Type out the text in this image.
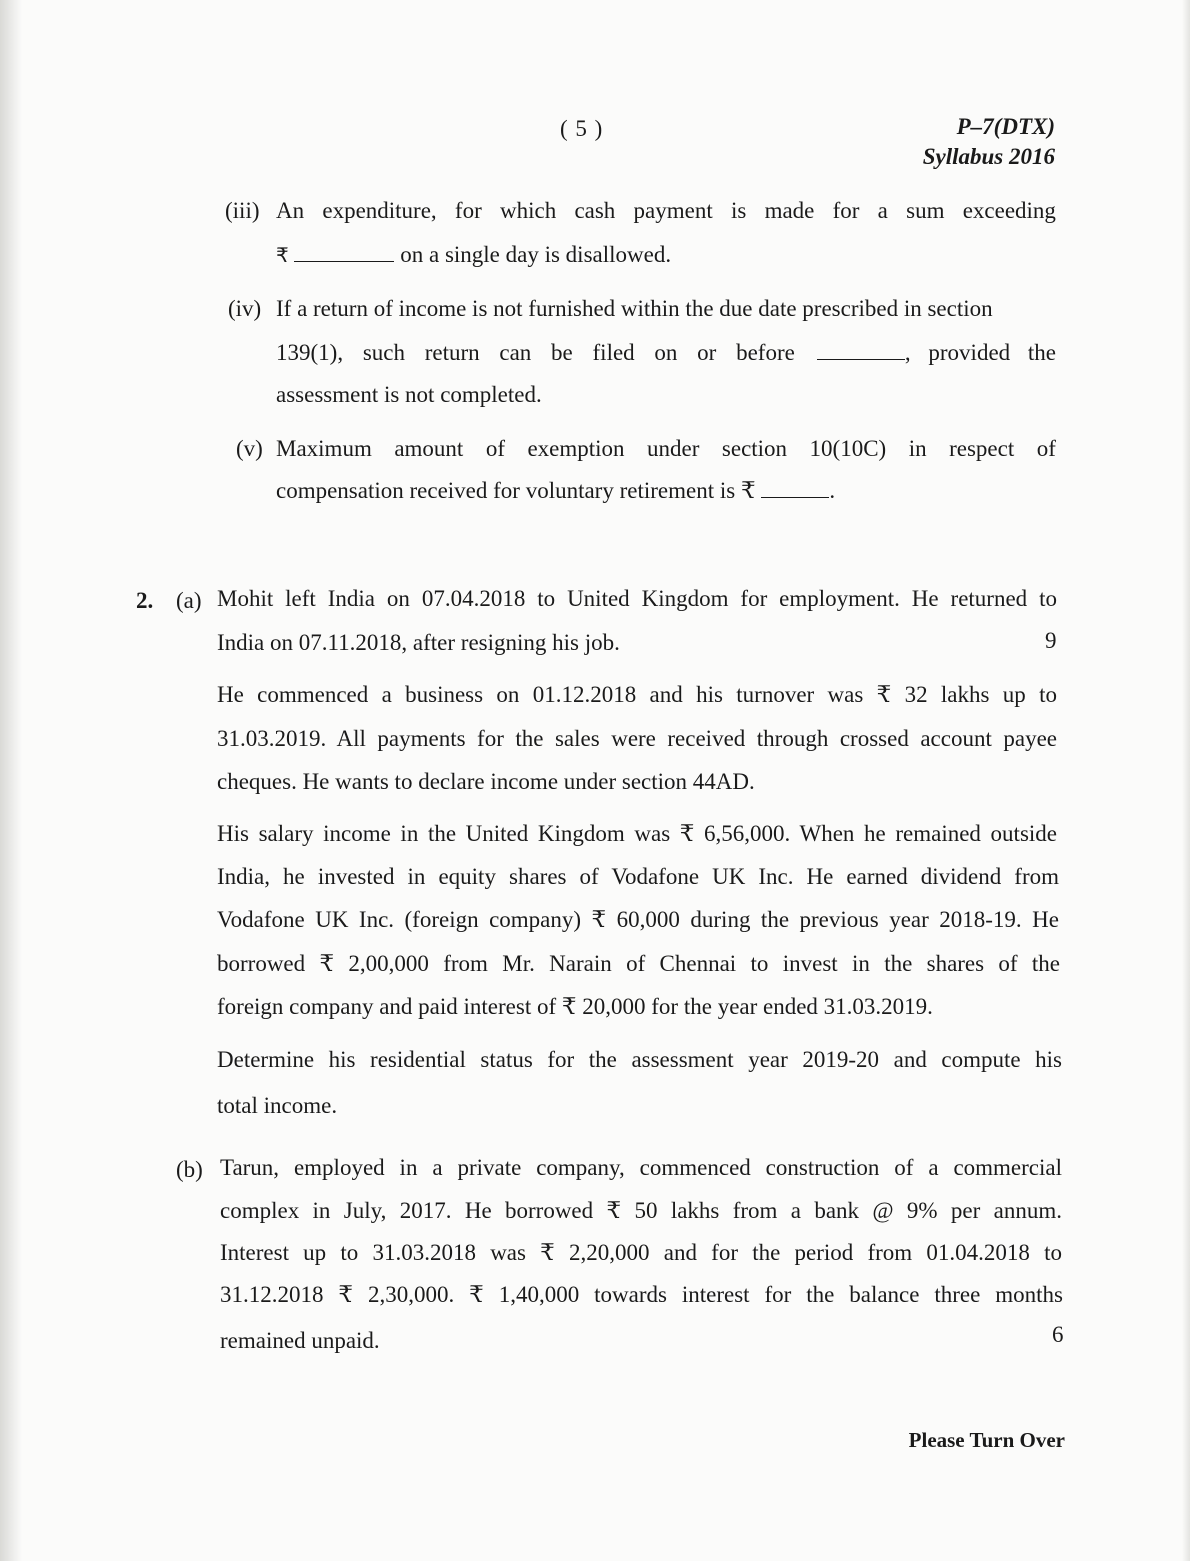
( 5 )	P–7(DTX)
Syllabus 2016
(iii) An expenditure, for which cash payment is made for a sum exceeding
₹	on a single day is disallowed.
(iv) If a return of income is not furnished within the due date prescribed in section
139(1), such return can be filed on or before	, provided the
assessment is not completed.
(v) Maximum amount of exemption under section 10(10C) in respect of
compensation received for voluntary retirement is ₹	.
2. (a) Mohit left India on 07.04.2018 to United Kingdom for employment. He returned to
India on 07.11.2018, after resigning his job.	9
He commenced a business on 01.12.2018 and his turnover was ₹ 32 lakhs up to
31.03.2019. All payments for the sales were received through crossed account payee
cheques. He wants to declare income under section 44AD.
His salary income in the United Kingdom was ₹ 6,56,000. When he remained outside
India, he invested in equity shares of Vodafone UK Inc. He earned dividend from
Vodafone UK Inc. (foreign company) ₹ 60,000 during the previous year 2018-19. He
borrowed ₹ 2,00,000 from Mr. Narain of Chennai to invest in the shares of the
foreign company and paid interest of ₹ 20,000 for the year ended 31.03.2019.
Determine his residential status for the assessment year 2019-20 and compute his
total income.
(b) Tarun, employed in a private company, commenced construction of a commercial
complex in July, 2017. He borrowed ₹ 50 lakhs from a bank @ 9% per annum.
Interest up to 31.03.2018 was ₹ 2,20,000 and for the period from 01.04.2018 to
31.12.2018 ₹ 2,30,000. ₹ 1,40,000 towards interest for the balance three months
remained unpaid.	6
Please Turn Over
